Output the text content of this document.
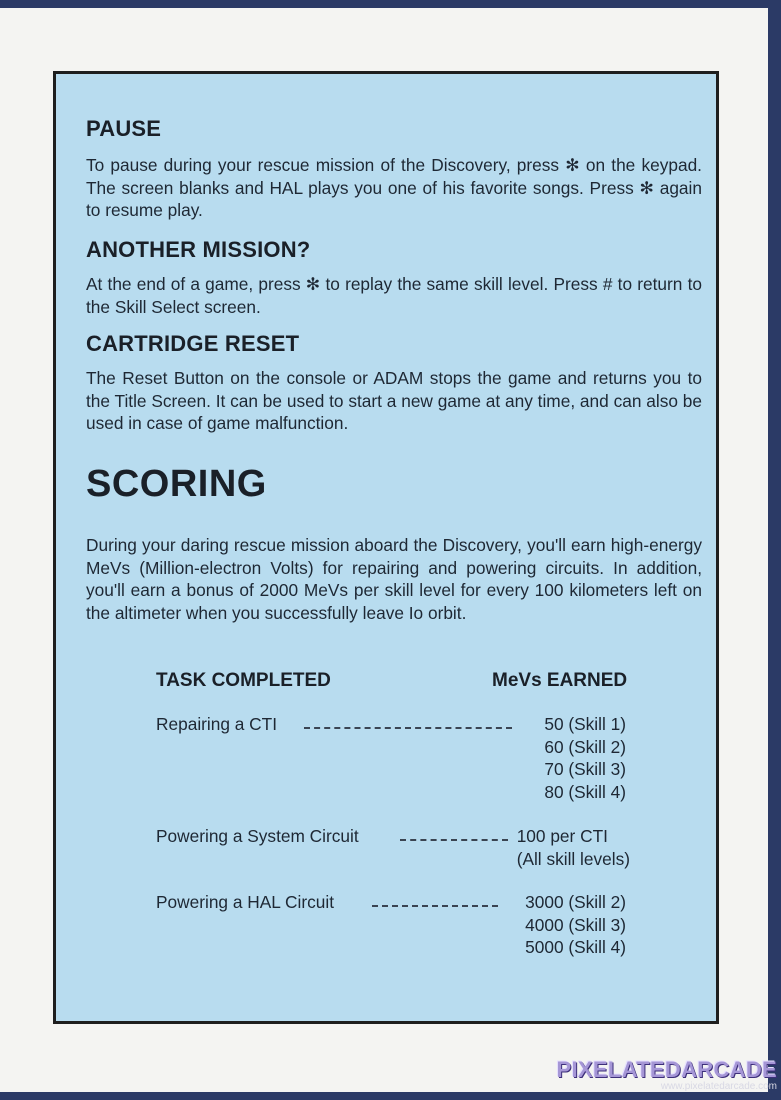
PAUSE
To pause during your rescue mission of the Discovery, press ✻ on the keypad. The screen blanks and HAL plays you one of his favorite songs. Press ✻ again to resume play.
ANOTHER MISSION?
At the end of a game, press ✻ to replay the same skill level. Press # to return to the Skill Select screen.
CARTRIDGE RESET
The Reset Button on the console or ADAM stops the game and returns you to the Title Screen. It can be used to start a new game at any time, and can also be used in case of game malfunction.
SCORING
During your daring rescue mission aboard the Discovery, you'll earn high-energy MeVs (Million-electron Volts) for repairing and powering circuits. In addition, you'll earn a bonus of 2000 MeVs per skill level for every 100 kilometers left on the altimeter when you successfully leave Io orbit.
TASK COMPLETED	MeVs EARNED
Repairing a CTI	50 (Skill 1)
60 (Skill 2)
70 (Skill 3)
80 (Skill 4)
Powering a System Circuit	100 per CTI
(All skill levels)
Powering a HAL Circuit	3000 (Skill 2)
4000 (Skill 3)
5000 (Skill 4)
PIXELATEDARCADE
www.pixelatedarcade.com
